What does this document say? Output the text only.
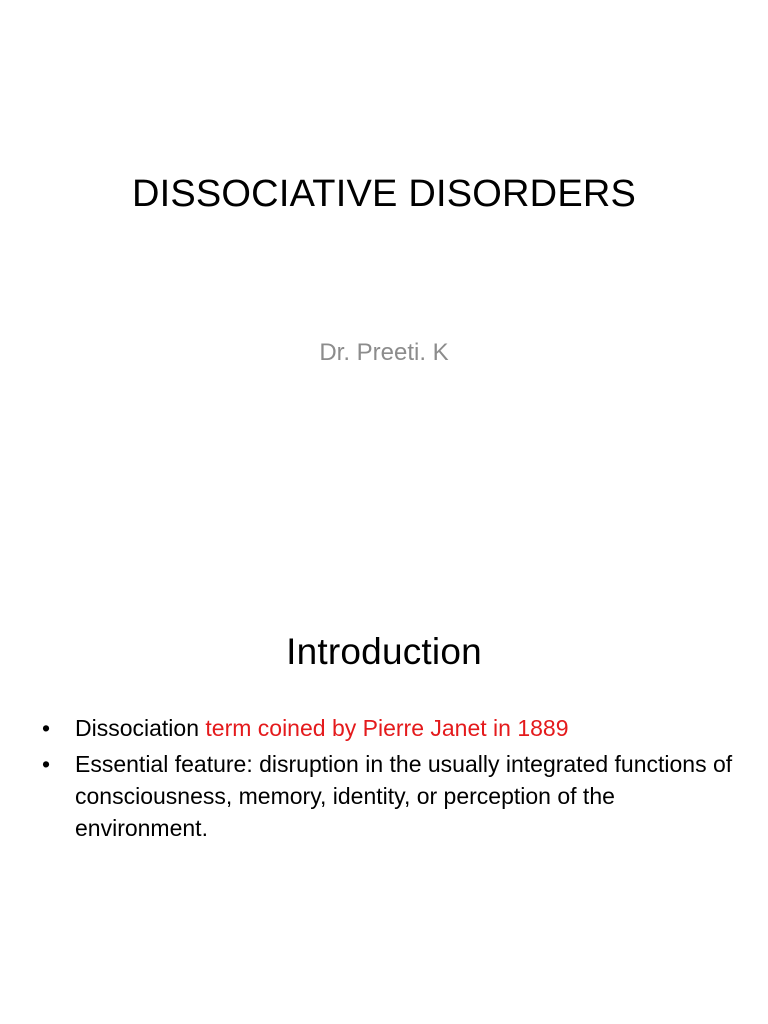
DISSOCIATIVE DISORDERS
Dr. Preeti. K
Introduction
• Dissociation term coined by Pierre Janet in 1889
• Essential feature: disruption in the usually integrated functions of consciousness, memory, identity, or perception of the environment.
